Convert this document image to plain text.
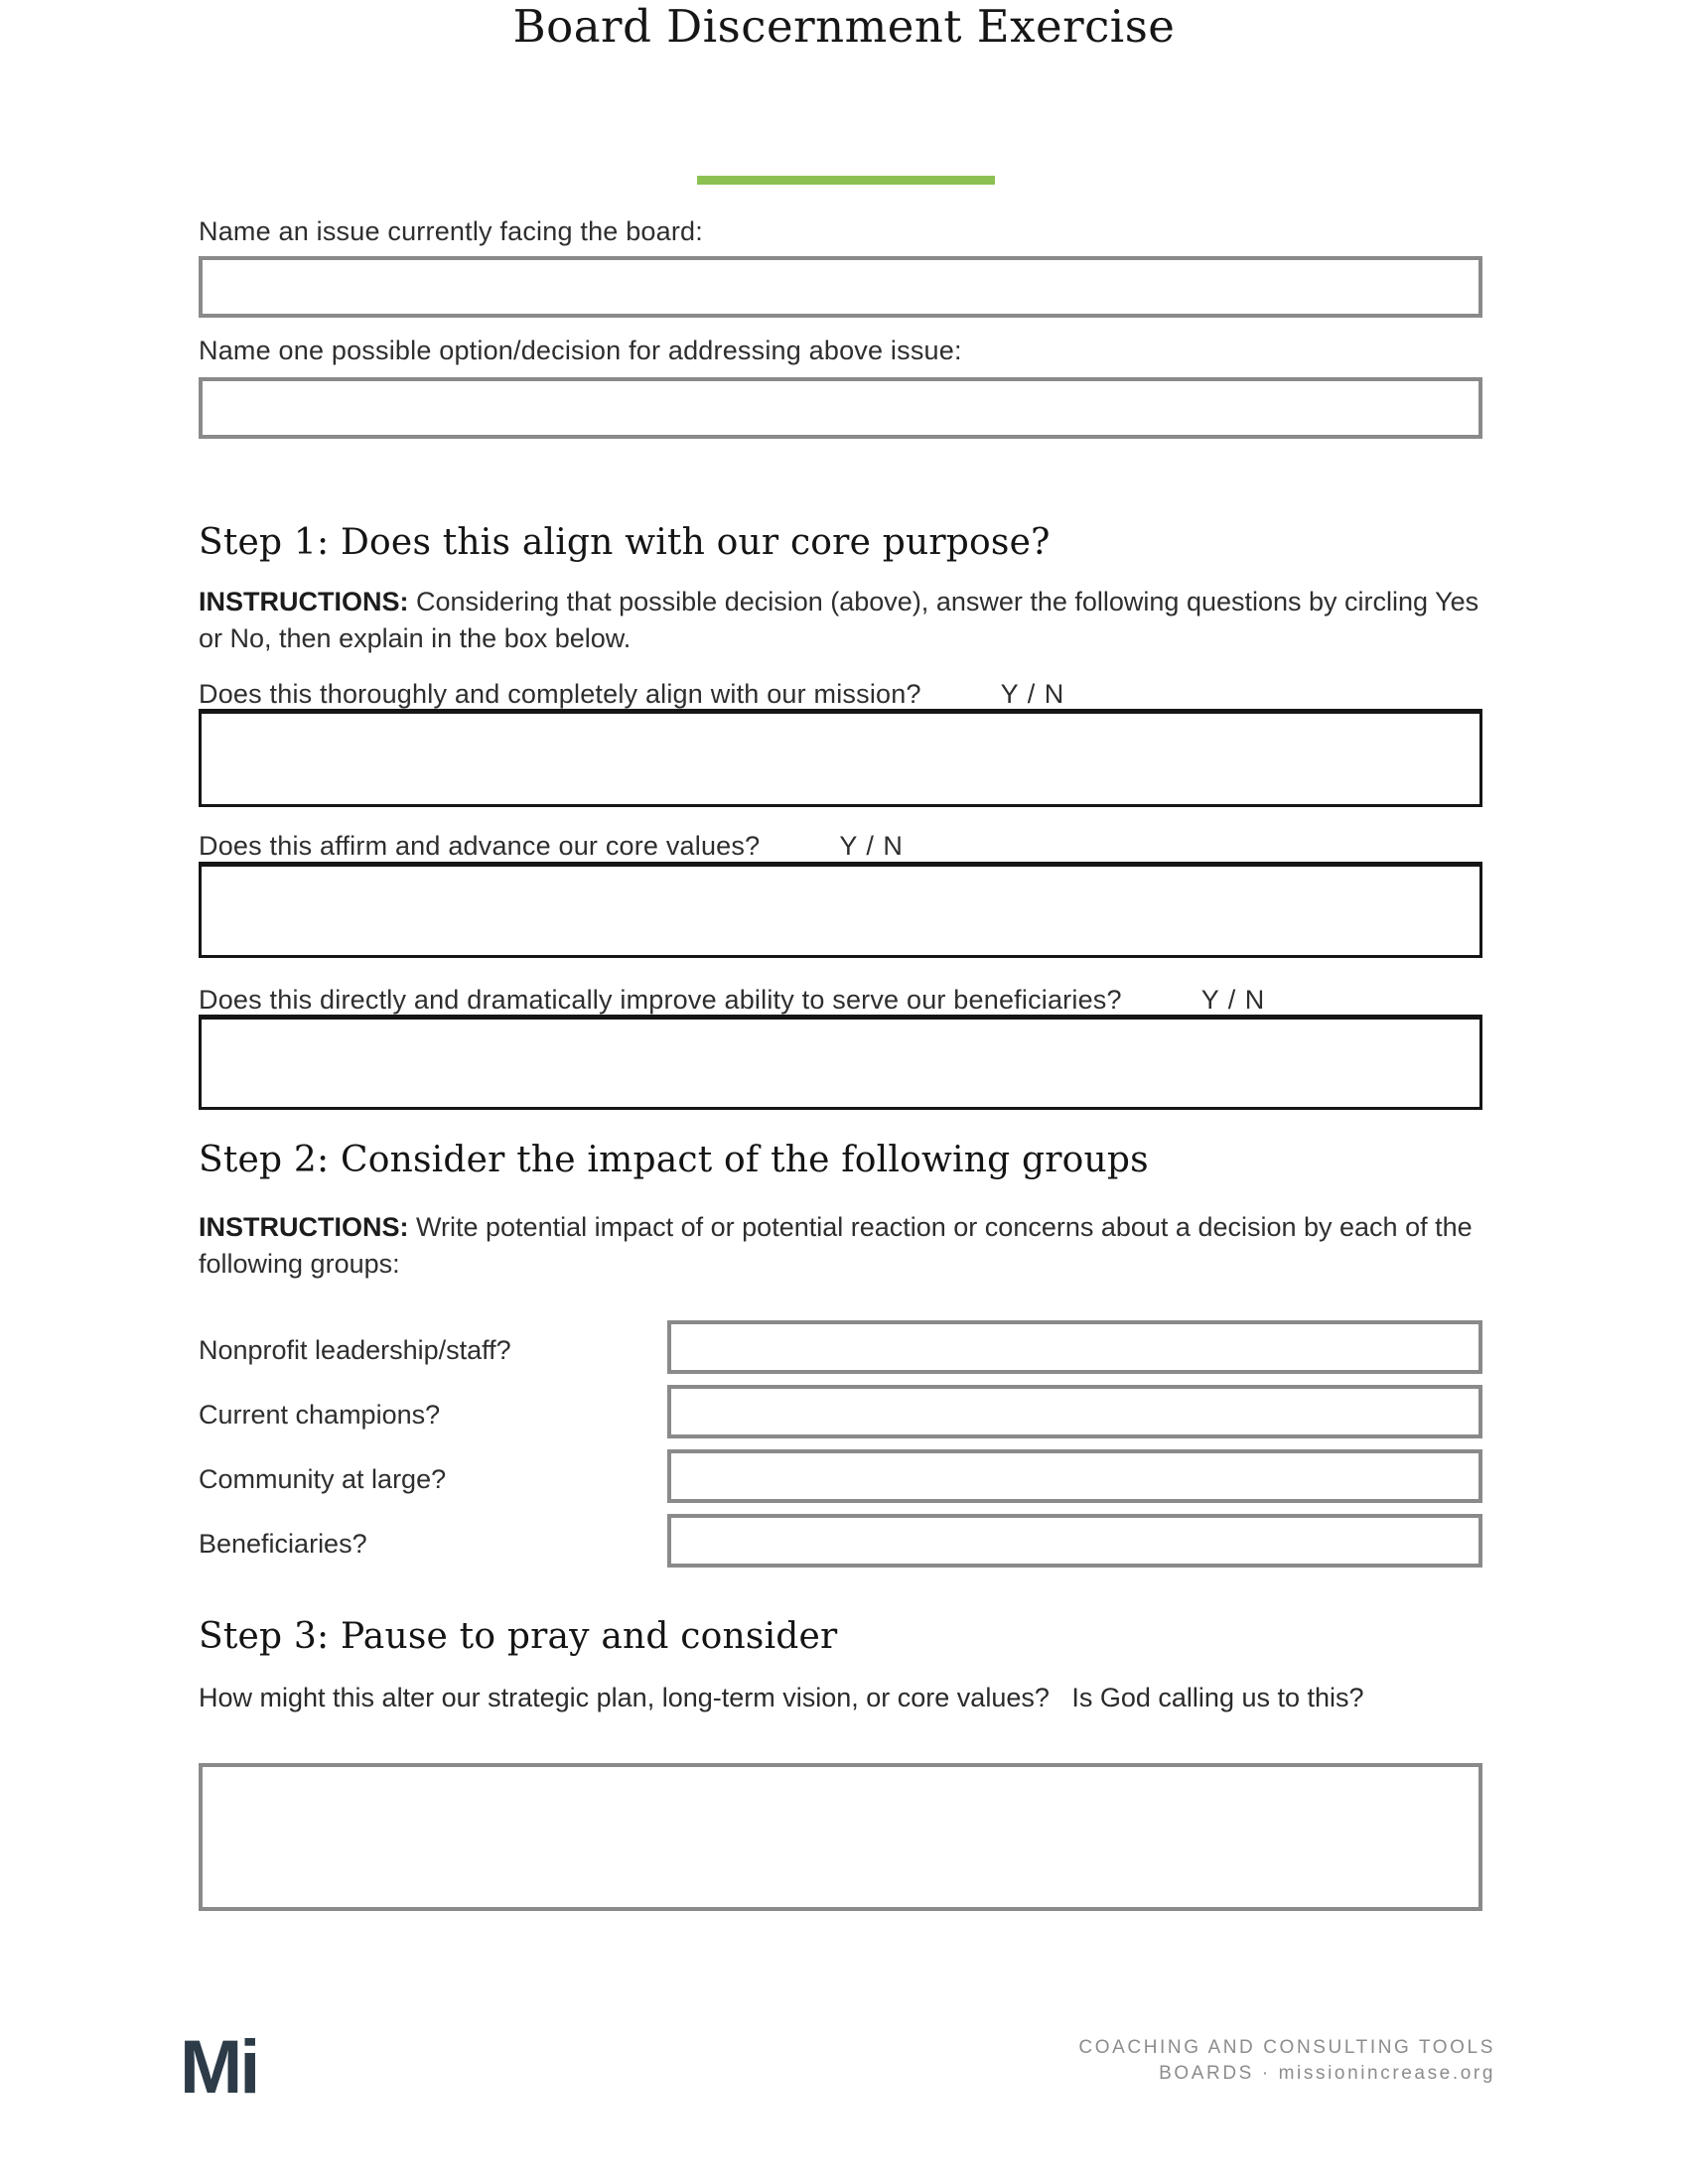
Board Discernment Exercise
Name an issue currently facing the board:
Name one possible option/decision for addressing above issue:
Step 1: Does this align with our core purpose?
INSTRUCTIONS: Considering that possible decision (above), answer the following questions by circling Yes or No, then explain in the box below.
Does this thoroughly and completely align with our mission?	Y / N
Does this affirm and advance our core values?	Y / N
Does this directly and dramatically improve ability to serve our beneficiaries?	Y / N
Step 2: Consider the impact of the following groups
INSTRUCTIONS: Write potential impact of or potential reaction or concerns about a decision by each of the following groups:
Nonprofit leadership/staff?
Current champions?
Community at large?
Beneficiaries?
Step 3: Pause to pray and consider
How might this alter our strategic plan, long-term vision, or core values?   Is God calling us to this?
Mi	COACHING AND CONSULTING TOOLS
BOARDS · missionincrease.org
